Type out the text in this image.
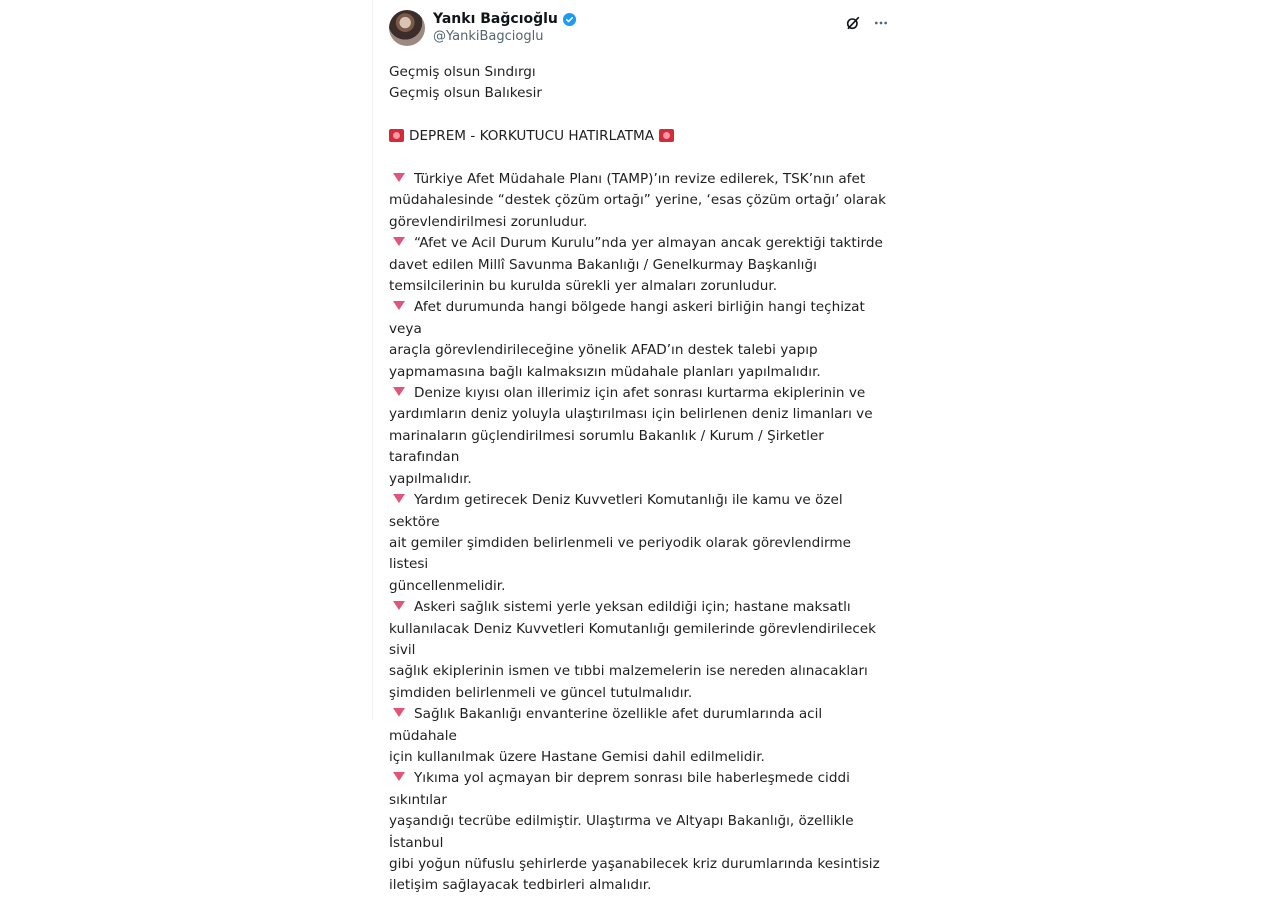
Yankı Bağcıoğlu
@YankiBagcioglu
Geçmiş olsun Sındırgı
Geçmiş olsun Balıkesir
DEPREM - KORKUTUCU HATIRLATMA
Türkiye Afet Müdahale Planı (TAMP)’ın revize edilerek, TSK’nın afet
müdahalesinde “destek çözüm ortağı” yerine, ‘esas çözüm ortağı’ olarak
görevlendirilmesi zorunludur.
“Afet ve Acil Durum Kurulu”nda yer almayan ancak gerektiği taktirde
davet edilen Millî Savunma Bakanlığı / Genelkurmay Başkanlığı
temsilcilerinin bu kurulda sürekli yer almaları zorunludur.
Afet durumunda hangi bölgede hangi askeri birliğin hangi teçhizat veya
araçla görevlendirileceğine yönelik AFAD’ın destek talebi yapıp
yapmamasına bağlı kalmaksızın müdahale planları yapılmalıdır.
Denize kıyısı olan illerimiz için afet sonrası kurtarma ekiplerinin ve
yardımların deniz yoluyla ulaştırılması için belirlenen deniz limanları ve
marinaların güçlendirilmesi sorumlu Bakanlık / Kurum / Şirketler tarafından
yapılmalıdır.
Yardım getirecek Deniz Kuvvetleri Komutanlığı ile kamu ve özel sektöre
ait gemiler şimdiden belirlenmeli ve periyodik olarak görevlendirme listesi
güncellenmelidir.
Askeri sağlık sistemi yerle yeksan edildiği için; hastane maksatlı
kullanılacak Deniz Kuvvetleri Komutanlığı gemilerinde görevlendirilecek sivil
sağlık ekiplerinin ismen ve tıbbi malzemelerin ise nereden alınacakları
şimdiden belirlenmeli ve güncel tutulmalıdır.
Sağlık Bakanlığı envanterine özellikle afet durumlarında acil müdahale
için kullanılmak üzere Hastane Gemisi dahil edilmelidir.
Yıkıma yol açmayan bir deprem sonrası bile haberleşmede ciddi sıkıntılar
yaşandığı tecrübe edilmiştir. Ulaştırma ve Altyapı Bakanlığı, özellikle İstanbul
gibi yoğun nüfuslu şehirlerde yaşanabilecek kriz durumlarında kesintisiz
iletişim sağlayacak tedbirleri almalıdır.
